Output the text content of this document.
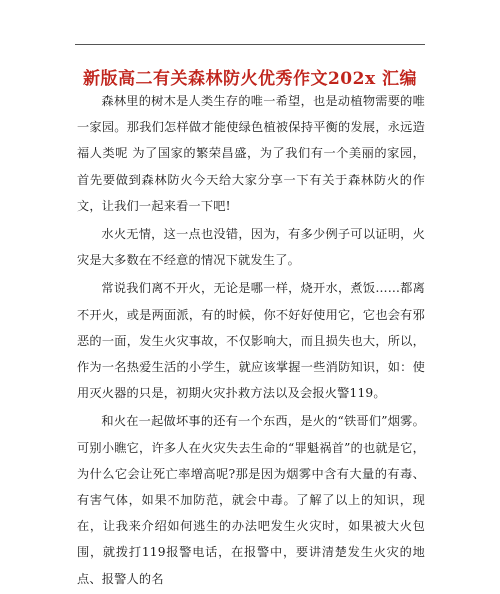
新版高二有关森林防火优秀作文202x 汇编

森林里的树木是人类生存的唯一希望，也是动植物需要的唯一家园。那我们怎样做才能使绿色植被保持平衡的发展，永远造福人类呢 为了国家的繁荣昌盛，为了我们有一个美丽的家园，首先要做到森林防火今天给大家分享一下有关于森林防火的作文，让我们一起来看一下吧!

水火无情，这一点也没错，因为，有多少例子可以证明，火灾是大多数在不经意的情况下就发生了。

常说我们离不开火，无论是哪一样，烧开水，煮饭……都离不开火，或是两面派，有的时候，你不好好使用它，它也会有邪恶的一面，发生火灾事故，不仅影响大，而且损失也大，所以，作为一名热爱生活的小学生，就应该掌握一些消防知识，如：使用灭火器的只是，初期火灾扑救方法以及会报火警119。

和火在一起做坏事的还有一个东西，是火的“铁哥们”烟雾。可别小瞧它，许多人在火灾失去生命的“罪魁祸首”的也就是它，为什么它会让死亡率增高呢?那是因为烟雾中含有大量的有毒、有害气体，如果不加防范，就会中毒。了解了以上的知识，现在，让我来介绍如何逃生的办法吧发生火灾时，如果被大火包围，就拨打119报警电话，在报警中，要讲清楚发生火灾的地点、报警人的名
